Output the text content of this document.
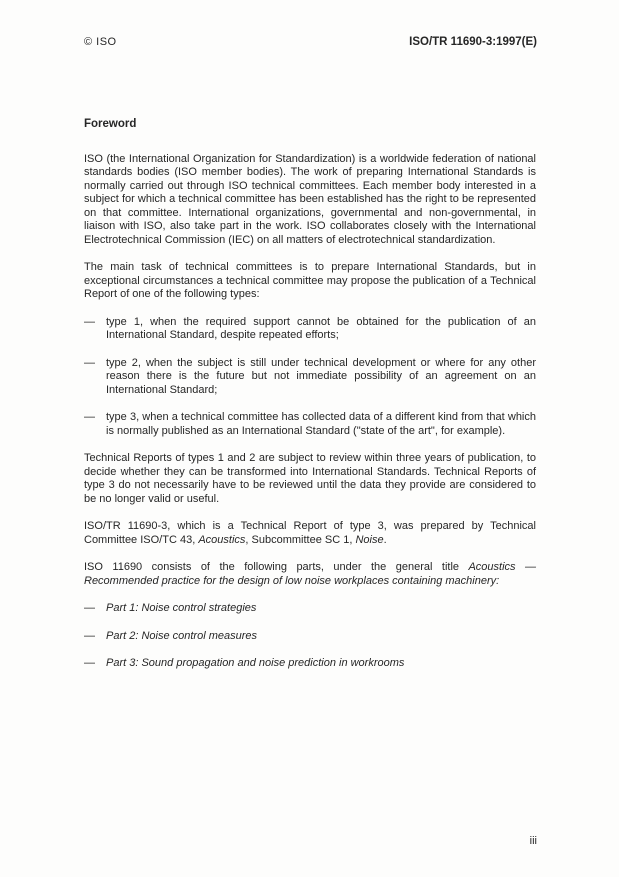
© ISO	ISO/TR 11690-3:1997(E)
Foreword

ISO (the International Organization for Standardization) is a worldwide federation of national standards bodies (ISO member bodies). The work of preparing International Standards is normally carried out through ISO technical committees. Each member body interested in a subject for which a technical committee has been established has the right to be represented on that committee. International organizations, governmental and non-governmental, in liaison with ISO, also take part in the work. ISO collaborates closely with the International Electrotechnical Commission (IEC) on all matters of electrotechnical standardization.

The main task of technical committees is to prepare International Standards, but in exceptional circumstances a technical committee may propose the publication of a Technical Report of one of the following types:

—	type 1, when the required support cannot be obtained for the publication of an International Standard, despite repeated efforts;
—	type 2, when the subject is still under technical development or where for any other reason there is the future but not immediate possibility of an agreement on an International Standard;
—	type 3, when a technical committee has collected data of a different kind from that which is normally published as an International Standard ("state of the art", for example).

Technical Reports of types 1 and 2 are subject to review within three years of publication, to decide whether they can be transformed into International Standards. Technical Reports of type 3 do not necessarily have to be reviewed until the data they provide are considered to be no longer valid or useful.

ISO/TR 11690-3, which is a Technical Report of type 3, was prepared by Technical Committee ISO/TC 43, Acoustics, Subcommittee SC 1, Noise.

ISO 11690 consists of the following parts, under the general title Acoustics — Recommended practice for the design of low noise workplaces containing machinery:

—	Part 1: Noise control strategies
—	Part 2: Noise control measures
—	Part 3: Sound propagation and noise prediction in workrooms
iii
